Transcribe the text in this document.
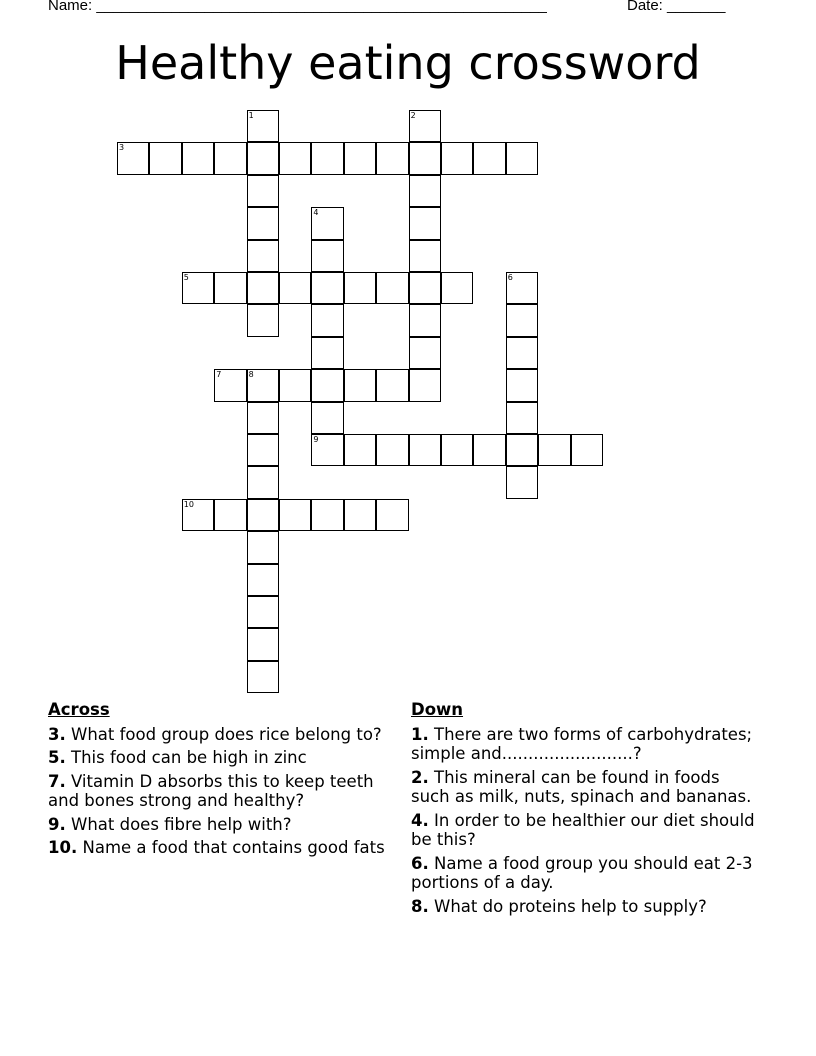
Name: ______________________________________________________	Date: _______
Healthy eating crossword
1	2
3
4
5	6
7	8
9
10
Across
3. What food group does rice belong to?
5. This food can be high in zinc
7. Vitamin D absorbs this to keep teeth and bones strong and healthy?
9. What does fibre help with?
10. Name a food that contains good fats
Down
1. There are two forms of carbohydrates; simple and.........................?
2. This mineral can be found in foods such as milk, nuts, spinach and bananas.
4. In order to be healthier our diet should be this?
6. Name a food group you should eat 2-3 portions of a day.
8. What do proteins help to supply?
